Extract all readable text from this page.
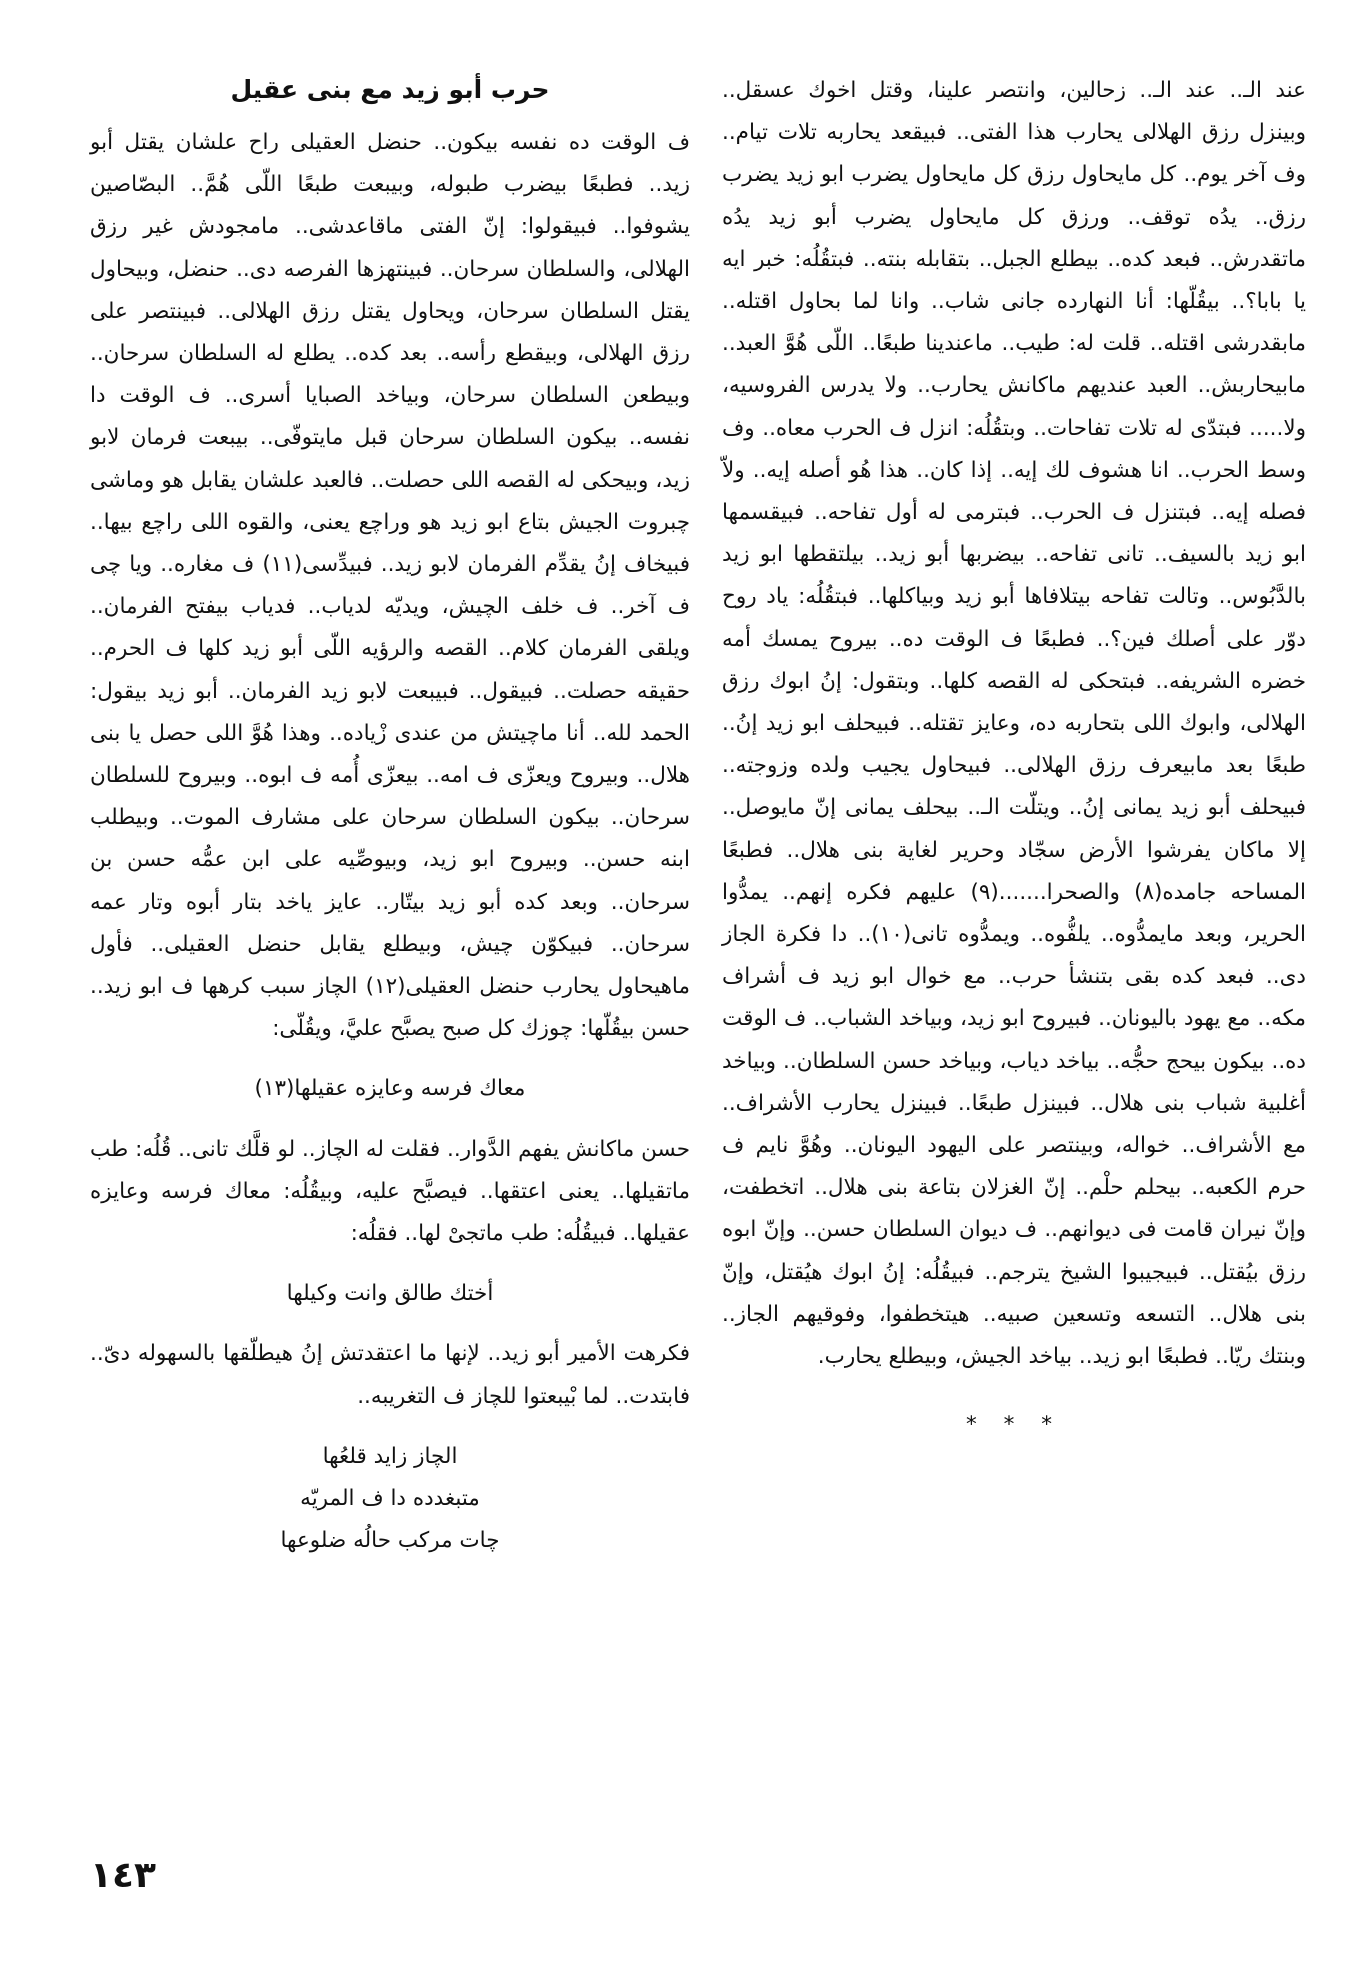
عند الـ.. عند الـ.. زحالين، وانتصر علينا، وقتل اخوك عسقل.. وبينزل رزق الهلالى يحارب هذا الفتى.. فبيقعد يحاربه تلات تيام.. وف آخر يوم.. كل مايحاول رزق كل مايحاول يضرب ابو زيد يضرب رزق.. يدُه توقف.. ورزق كل مايحاول يضرب أبو زيد يدُه ماتقدرش.. فبعد كده.. بيطلع الجبل.. بتقابله بنته.. فبتقُلُه: خبر ايه يا بابا؟.. بيقُلّها: أنا النهارده جانى شاب.. وانا لما بحاول اقتله.. مابقدرشى اقتله.. قلت له: طيب.. ماعندينا طبعًا.. اللّى هُوَّ العبد.. مابيحاربش.. العبد عنديهم ماكانش يحارب.. ولا يدرس الفروسيه، ولا..... فبتدّى له تلات تفاحات.. وبتقُلُه: انزل ف الحرب معاه.. وف وسط الحرب.. انا هشوف لك إيه.. إذا كان.. هذا هُو أصله إيه.. ولاّ فصله إيه.. فبتنزل ف الحرب.. فبترمى له أول تفاحه.. فبيقسمها ابو زيد بالسيف.. تانى تفاحه.. بيضربها أبو زيد.. بيلتقطها ابو زيد بالدَّبُوس.. وتالت تفاحه بيتلافاها أبو زيد وبياكلها.. فبتقُلُه: ياد روح دوّر على أصلك فين؟.. فطبعًا ف الوقت ده.. بيروح يمسك أمه خضره الشريفه.. فبتحكى له القصه كلها.. وبتقول: إنُ ابوك رزق الهلالى، وابوك اللى بتحاربه ده، وعايز تقتله.. فبيحلف ابو زيد إنُ.. طبعًا بعد مابيعرف رزق الهلالى.. فبيحاول يجيب ولده وزوجته.. فبيحلف أبو زيد يمانى إنُ.. ويتلّت الـ.. بيحلف يمانى إنّ مايوصل.. إلا ماكان يفرشوا الأرض سجّاد وحرير لغاية بنى هلال.. فطبعًا المساحه جامده(٨) والصحرا.......(٩) عليهم فكره إنهم.. يمدُّوا الحرير، وبعد مايمدُّوه.. يلفُّوه.. ويمدُّوه تانى(١٠).. دا فكرة الجاز دى.. فبعد كده بقى بتنشأ حرب.. مع خوال ابو زيد ف أشراف مكه.. مع يهود باليونان.. فبيروح ابو زيد، وبياخد الشباب.. ف الوقت ده.. بيكون بيحج حجُّه.. بياخد دياب، وبياخد حسن السلطان.. وبياخد أغلبية شباب بنى هلال.. فبينزل طبعًا.. فبينزل يحارب الأشراف.. مع الأشراف.. خواله، وبينتصر على اليهود اليونان.. وهُوَّ نايم ف حرم الكعبه.. بيحلم حلْم.. إنّ الغزلان بتاعة بنى هلال.. اتخطفت، وإنّ نيران قامت فى ديوانهم.. ف ديوان السلطان حسن.. وإنّ ابوه رزق بيُقتل.. فبيجيبوا الشيخ يترجم.. فبيقُلُه: إنُ ابوك هيُقتل، وإنّ بنى هلال.. التسعه وتسعين صبيه.. هيتخطفوا، وفوقيهم الجاز.. وبنتك ريّا.. فطبعًا ابو زيد.. بياخد الجيش، وبيطلع يحارب.

* * *
حرب أبو زيد مع بنى عقيل

ف الوقت ده نفسه بيكون.. حنضل العقيلى راح علشان يقتل أبو زيد.. فطبعًا بيضرب طبوله، وبيبعت طبعًا اللّى هُمَّ.. البصّاصين يشوفوا.. فبيقولوا: إنّ الفتى ماقاعدشى.. مامجودش غير رزق الهلالى، والسلطان سرحان.. فبينتهزها الفرصه دى.. حنضل، وبيحاول يقتل السلطان سرحان، ويحاول يقتل رزق الهلالى.. فبينتصر على رزق الهلالى، وبيقطع رأسه.. بعد كده.. يطلع له السلطان سرحان.. وبيطعن السلطان سرحان، وبياخد الصبايا أسرى.. ف الوقت دا نفسه.. بيكون السلطان سرحان قبل مايتوفّى.. بيبعت فرمان لابو زيد، وبيحكى له القصه اللى حصلت.. فالعبد علشان يقابل هو وماشى چبروت الجيش بتاع ابو زيد هو وراچع يعنى، والقوه اللى راچع بيها.. فبيخاف إنُ يقدِّم الفرمان لابو زيد.. فبيدِّسى(١١) ف مغاره.. ويا چى ف آخر.. ف خلف الچيش، ويديّه لدياب.. فدياب بيفتح الفرمان.. ويلقى الفرمان كلام.. القصه والرؤيه اللّى أبو زيد كلها ف الحرم.. حقيقه حصلت.. فبيقول.. فبيبعت لابو زيد الفرمان.. أبو زيد بيقول: الحمد لله.. أنا ماچيتش من عندى زْياده.. وهذا هُوَّ اللى حصل يا بنى هلال.. وبيروح ويعزّى ف امه.. بيعزّى أُمه ف ابوه.. وبيروح للسلطان سرحان.. بيكون السلطان سرحان على مشارف الموت.. وبيطلب ابنه حسن.. وبيروح ابو زيد، وبيوصِّيه على ابن عمُّه حسن بن سرحان.. وبعد كده أبو زيد بيتّار.. عايز ياخد بتار أبوه وتار عمه سرحان.. فبيكوّن چيش، وبيطلع يقابل حنضل العقيلى.. فأول ماهيحاول يحارب حنضل العقيلى(١٢) الچاز سبب كرهها ف ابو زيد.. حسن بيقُلّها: چوزك كل صبح يصبَّح عليَّ، ويقُلّى:

معاك فرسه وعايزه عقيلها(١٣)

حسن ماكانش يفهم الدَّوار.. فقلت له الچاز.. لو قلَّك تانى.. قُلُه: طب ماتقيلها.. يعنى اعتقها.. فيصبَّح عليه، وبيقُلُه: معاك فرسه وعايزه عقيلها.. فبيقُلُه: طب ماتجىْ لها.. فقلُه:

أختك طالق وانت وكيلها

فكرهت الأمير أبو زيد.. لإنها ما اعتقدتش إنُ هيطلّقها بالسهوله دىّ.. فابتدت.. لما بْيبعتوا للچاز ف التغريبه..

الچاز زايد قلعُها

متبغدده دا ف المريّه

چات مركب حالُه ضلوعها

١٤٣
